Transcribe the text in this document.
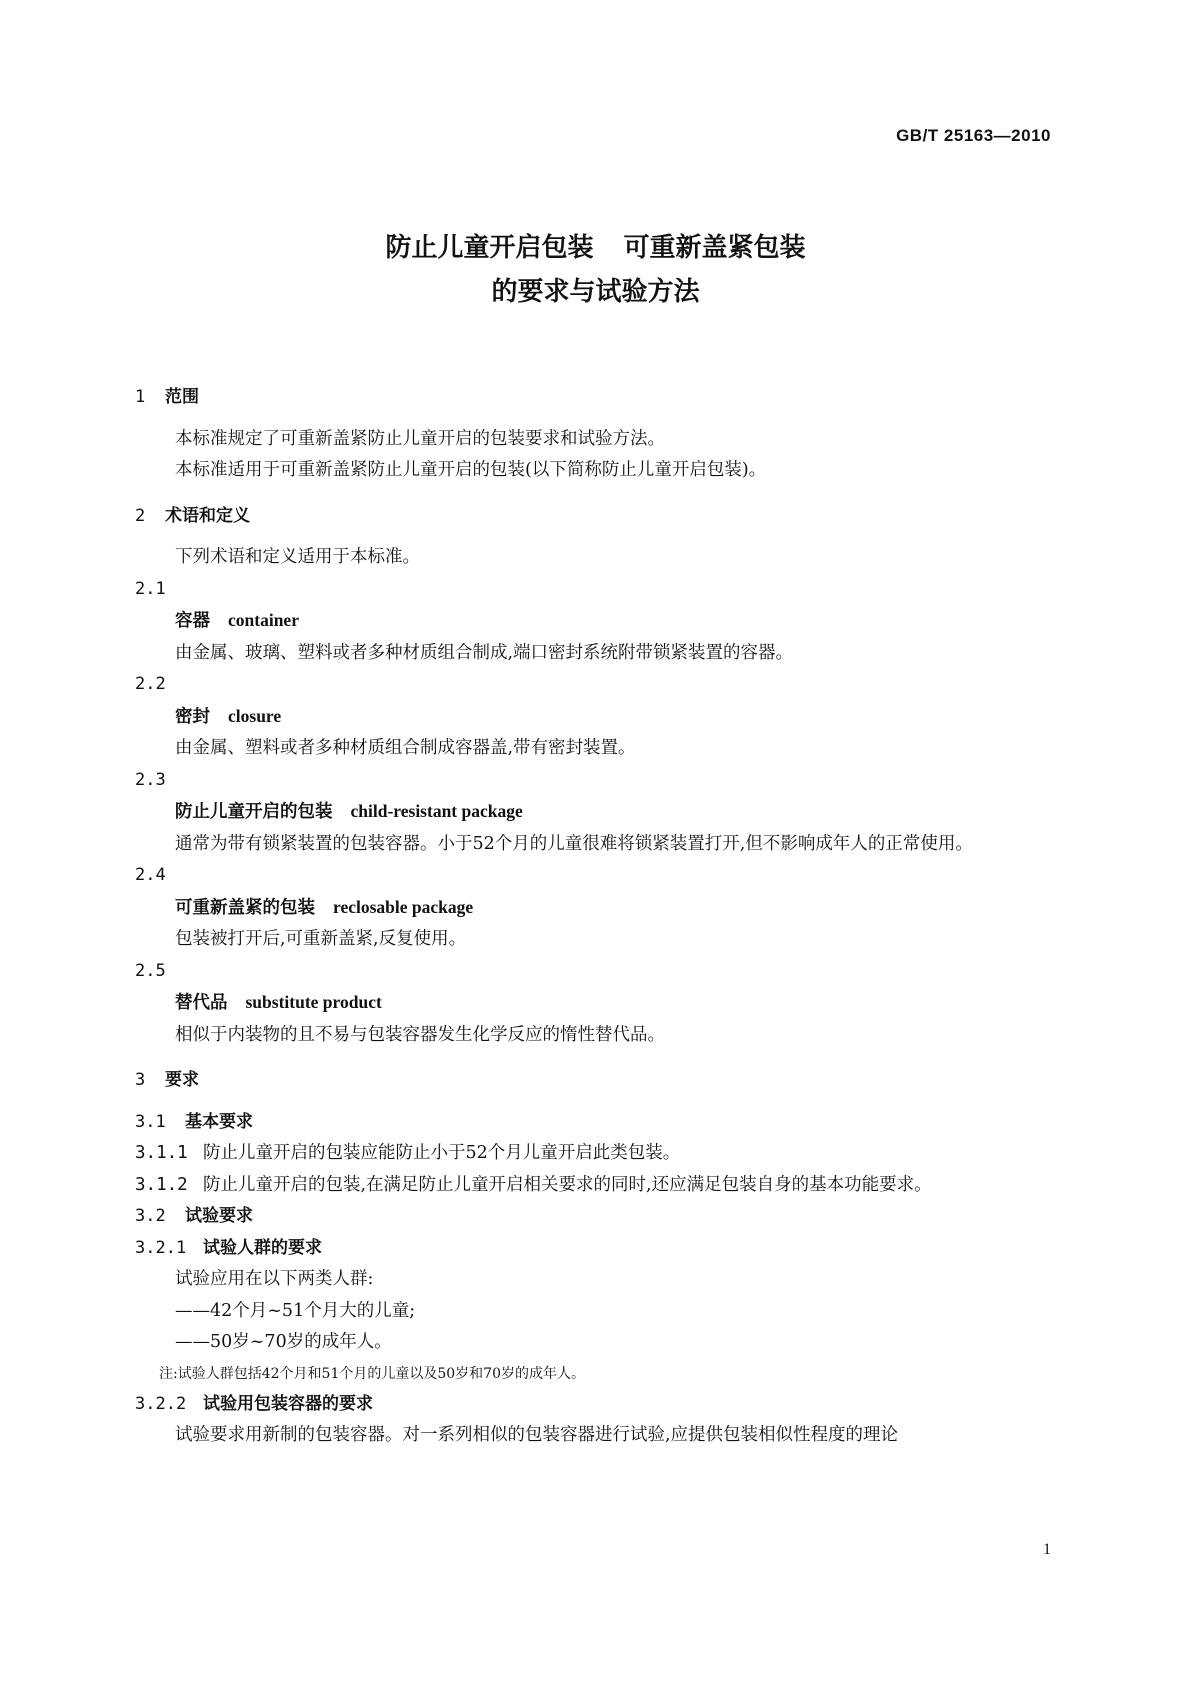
GB/T 25163—2010
防止儿童开启包装 可重新盖紧包装
的要求与试验方法
1 范围
本标准规定了可重新盖紧防止儿童开启的包装要求和试验方法。
本标准适用于可重新盖紧防止儿童开启的包装(以下简称防止儿童开启包装)。
2 术语和定义
下列术语和定义适用于本标准。
2.1
容器 container
由金属、玻璃、塑料或者多种材质组合制成,端口密封系统附带锁紧装置的容器。
2.2
密封 closure
由金属、塑料或者多种材质组合制成容器盖,带有密封装置。
2.3
防止儿童开启的包装 child-resistant package
通常为带有锁紧装置的包装容器。小于52个月的儿童很难将锁紧装置打开,但不影响成年人的正常使用。
2.4
可重新盖紧的包装 reclosable package
包装被打开后,可重新盖紧,反复使用。
2.5
替代品 substitute product
相似于内装物的且不易与包装容器发生化学反应的惰性替代品。
3 要求
3.1 基本要求
3.1.1 防止儿童开启的包装应能防止小于52个月儿童开启此类包装。
3.1.2 防止儿童开启的包装,在满足防止儿童开启相关要求的同时,还应满足包装自身的基本功能要求。
3.2 试验要求
3.2.1 试验人群的要求
试验应用在以下两类人群:
——42个月~51个月大的儿童;
——50岁~70岁的成年人。
注:试验人群包括42个月和51个月的儿童以及50岁和70岁的成年人。
3.2.2 试验用包装容器的要求
试验要求用新制的包装容器。对一系列相似的包装容器进行试验,应提供包装相似性程度的理论
1
